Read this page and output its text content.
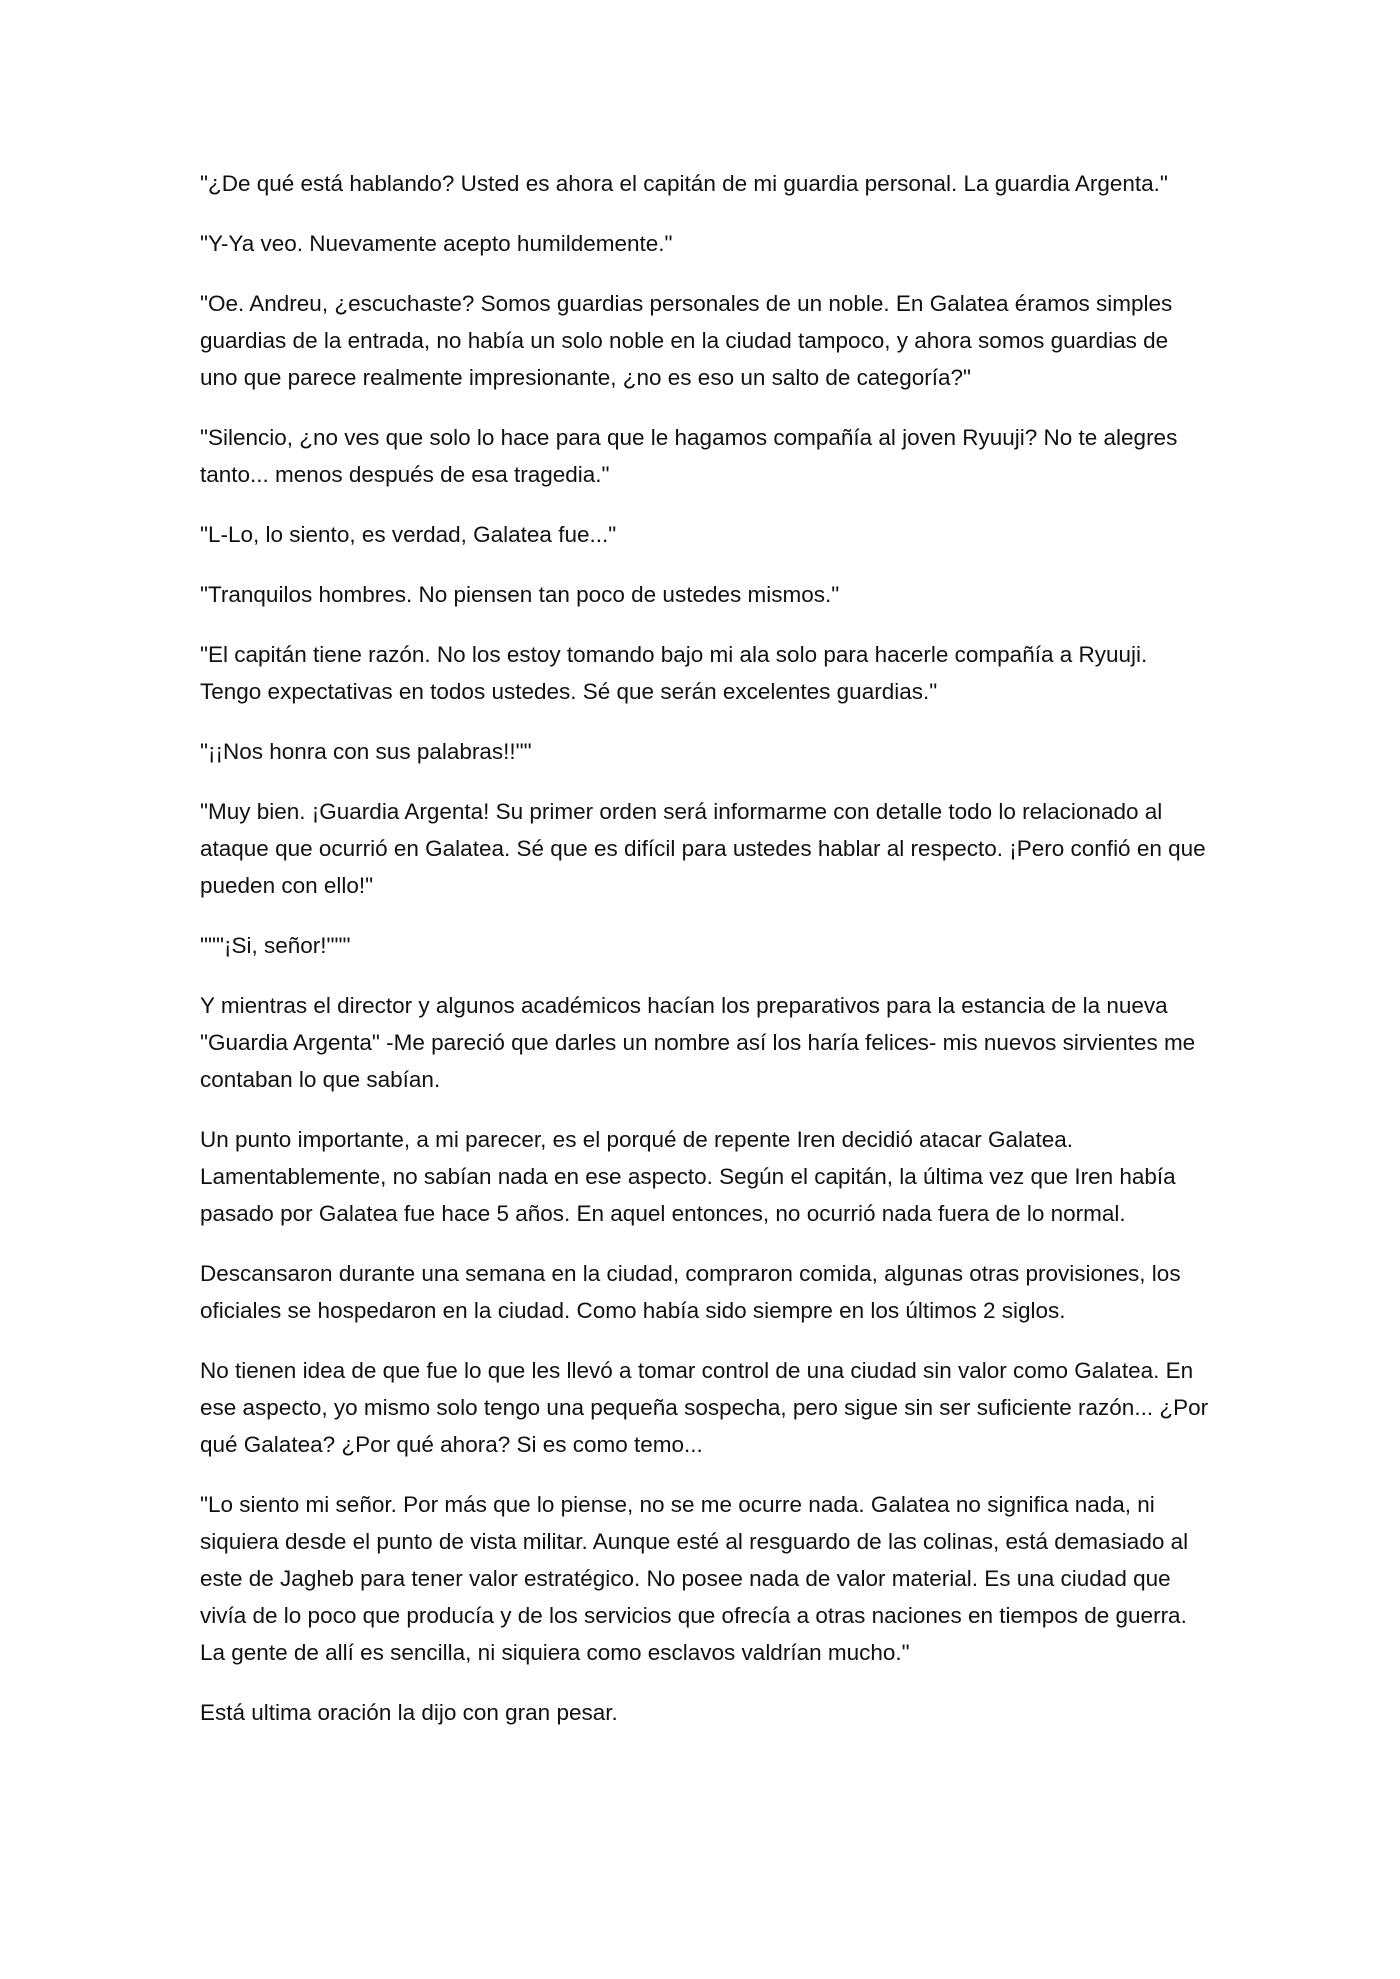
"¿De qué está hablando? Usted es ahora el capitán de mi guardia personal. La guardia Argenta."

"Y-Ya veo. Nuevamente acepto humildemente."

"Oe. Andreu, ¿escuchaste? Somos guardias personales de un noble. En Galatea éramos simples guardias de la entrada, no había un solo noble en la ciudad tampoco, y ahora somos guardias de uno que parece realmente impresionante, ¿no es eso un salto de categoría?"

"Silencio, ¿no ves que solo lo hace para que le hagamos compañía al joven Ryuuji? No te alegres tanto... menos después de esa tragedia."

"L-Lo, lo siento, es verdad, Galatea fue..."

"Tranquilos hombres. No piensen tan poco de ustedes mismos."

"El capitán tiene razón. No los estoy tomando bajo mi ala solo para hacerle compañía a Ryuuji. Tengo expectativas en todos ustedes. Sé que serán excelentes guardias."

"¡¡Nos honra con sus palabras!!""

"Muy bien. ¡Guardia Argenta! Su primer orden será informarme con detalle todo lo relacionado al ataque que ocurrió en Galatea. Sé que es difícil para ustedes hablar al respecto. ¡Pero confió en que pueden con ello!"

"""¡Si, señor!"""

Y mientras el director y algunos académicos hacían los preparativos para la estancia de la nueva "Guardia Argenta" -Me pareció que darles un nombre así los haría felices- mis nuevos sirvientes me contaban lo que sabían.

Un punto importante, a mi parecer, es el porqué de repente Iren decidió atacar Galatea. Lamentablemente, no sabían nada en ese aspecto. Según el capitán, la última vez que Iren había pasado por Galatea fue hace 5 años. En aquel entonces, no ocurrió nada fuera de lo normal.

Descansaron durante una semana en la ciudad, compraron comida, algunas otras provisiones, los oficiales se hospedaron en la ciudad. Como había sido siempre en los últimos 2 siglos.

No tienen idea de que fue lo que les llevó a tomar control de una ciudad sin valor como Galatea. En ese aspecto, yo mismo solo tengo una pequeña sospecha, pero sigue sin ser suficiente razón... ¿Por qué Galatea? ¿Por qué ahora? Si es como temo...

"Lo siento mi señor. Por más que lo piense, no se me ocurre nada. Galatea no significa nada, ni siquiera desde el punto de vista militar. Aunque esté al resguardo de las colinas, está demasiado al este de Jagheb para tener valor estratégico. No posee nada de valor material. Es una ciudad que vivía de lo poco que producía y de los servicios que ofrecía a otras naciones en tiempos de guerra. La gente de allí es sencilla, ni siquiera como esclavos valdrían mucho."

Está ultima oración la dijo con gran pesar.
